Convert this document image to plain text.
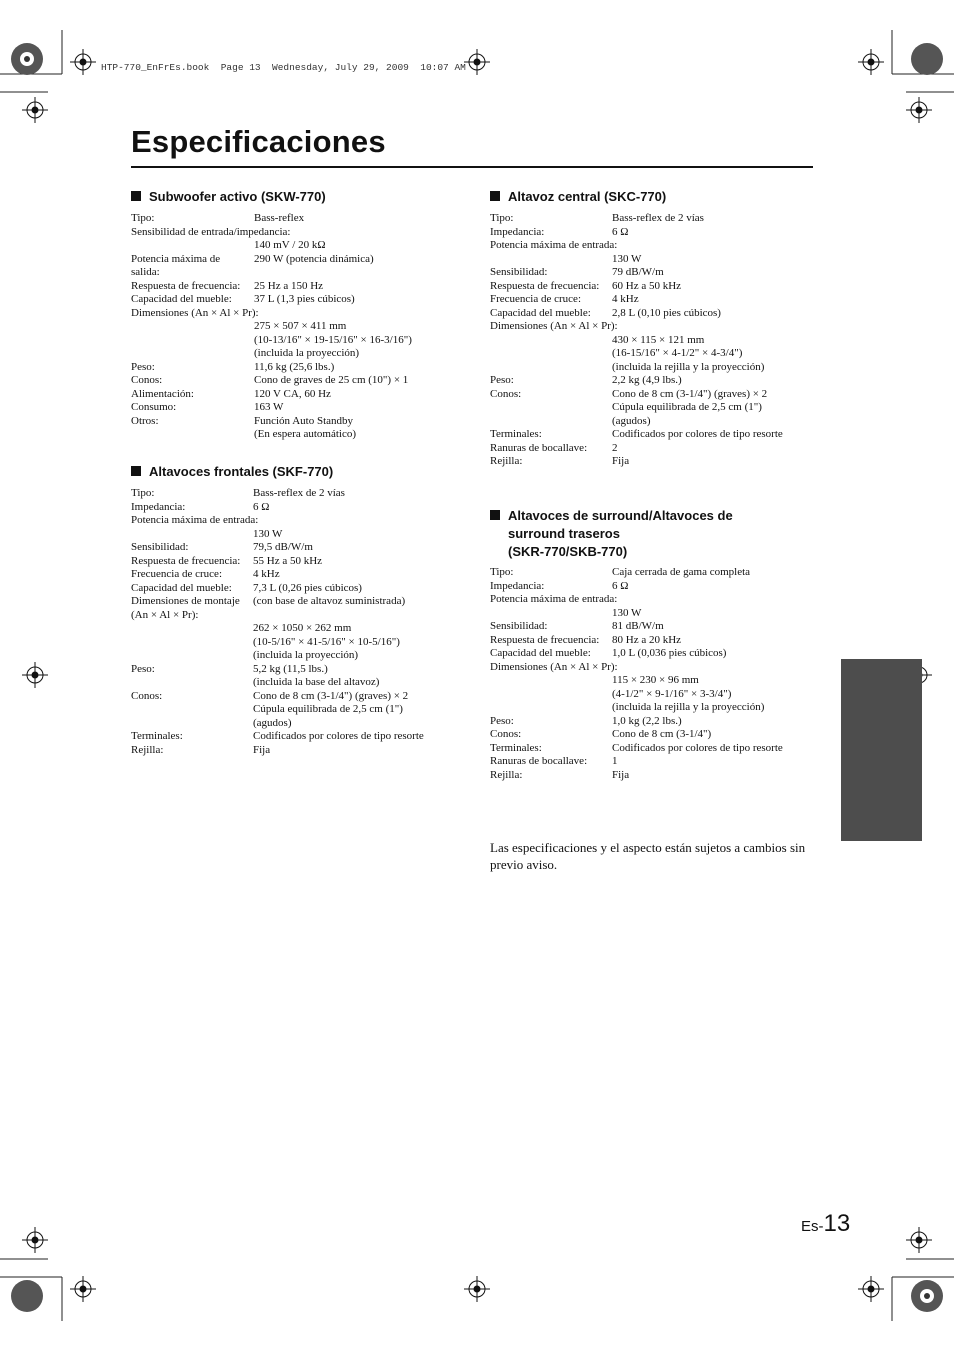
HTP-770_EnFrEs.book  Page 13  Wednesday, July 29, 2009  10:07 AM
Especificaciones
Subwoofer activo (SKW-770)
Tipo:	Bass-reflex
Sensibilidad de entrada/impedancia:
140 mV / 20 kΩ
Potencia máxima de	290 W (potencia dinámica)
salida:
Respuesta de frecuencia: 25 Hz a 150 Hz
Capacidad del mueble: 37 L (1,3 pies cúbicos)
Dimensiones (An × Al × Pr):
275 × 507 × 411 mm
(10-13/16" × 19-15/16" × 16-3/16")
(incluida la proyección)
Peso:	11,6 kg (25,6 lbs.)
Conos:	Cono de graves de 25 cm (10") × 1
Alimentación:	120 V CA, 60 Hz
Consumo:	163 W
Otros:	Función Auto Standby
(En espera automático)
Altavoces frontales (SKF-770)
Tipo:	Bass-reflex de 2 vías
Impedancia:	6 Ω
Potencia máxima de entrada:
130 W
Sensibilidad:	79,5 dB/W/m
Respuesta de frecuencia: 55 Hz a 50 kHz
Frecuencia de cruce:	4 kHz
Capacidad del mueble: 7,3 L (0,26 pies cúbicos)
Dimensiones de montaje (con base de altavoz suministrada)
(An × Al × Pr):
262 × 1050 × 262 mm
(10-5/16" × 41-5/16" × 10-5/16")
(incluida la proyección)
Peso:	5,2 kg (11,5 lbs.)
(incluida la base del altavoz)
Conos:	Cono de 8 cm (3-1/4") (graves) × 2
Cúpula equilibrada de 2,5 cm (1")
(agudos)
Terminales:	Codificados por colores de tipo resorte
Rejilla:	Fija
Altavoz central (SKC-770)
Tipo:	Bass-reflex de 2 vías
Impedancia:	6 Ω
Potencia máxima de entrada:
130 W
Sensibilidad:	79 dB/W/m
Respuesta de frecuencia: 60 Hz a 50 kHz
Frecuencia de cruce:	4 kHz
Capacidad del mueble: 2,8 L (0,10 pies cúbicos)
Dimensiones (An × Al × Pr):
430 × 115 × 121 mm
(16-15/16" × 4-1/2" × 4-3/4")
(incluida la rejilla y la proyección)
Peso:	2,2 kg (4,9 lbs.)
Conos:	Cono de 8 cm (3-1/4") (graves) × 2
Cúpula equilibrada de 2,5 cm (1")
(agudos)
Terminales:	Codificados por colores de tipo resorte
Ranuras de bocallave: 2
Rejilla:	Fija
Altavoces de surround/Altavoces de
surround traseros
(SKR-770/SKB-770)
Tipo:	Caja cerrada de gama completa
Impedancia:	6 Ω
Potencia máxima de entrada:
130 W
Sensibilidad:	81 dB/W/m
Respuesta de frecuencia: 80 Hz a 20 kHz
Capacidad del mueble: 1,0 L (0,036 pies cúbicos)
Dimensiones (An × Al × Pr):
115 × 230 × 96 mm
(4-1/2" × 9-1/16" × 3-3/4")
(incluida la rejilla y la proyección)
Peso:	1,0 kg (2,2 lbs.)
Conos:	Cono de 8 cm (3-1/4")
Terminales:	Codificados por colores de tipo resorte
Ranuras de bocallave: 1
Rejilla:	Fija
Las especificaciones y el aspecto están sujetos a cambios sin previo aviso.
Es-13
